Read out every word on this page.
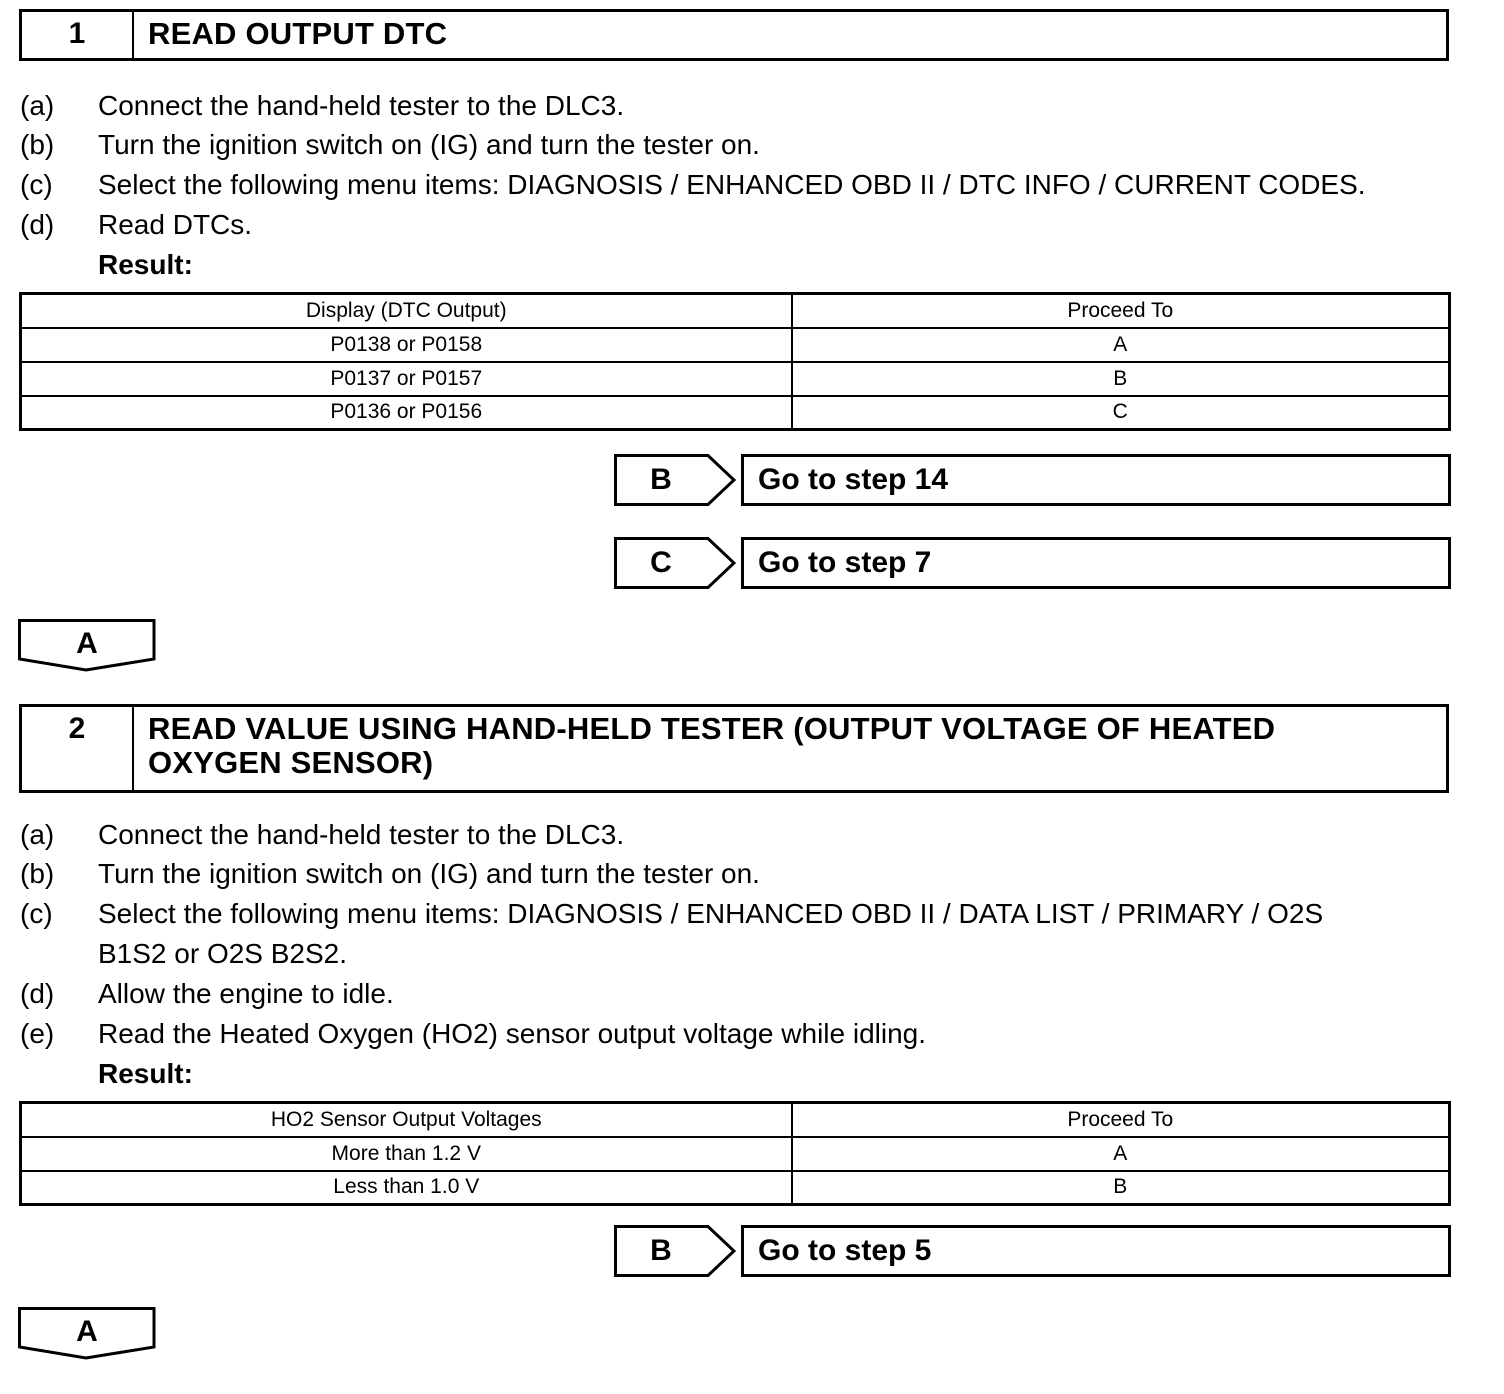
1	READ OUTPUT DTC
(a) Connect the hand-held tester to the DLC3.
(b) Turn the ignition switch on (IG) and turn the tester on.
(c) Select the following menu items: DIAGNOSIS / ENHANCED OBD II / DTC INFO / CURRENT CODES.
(d) Read DTCs.
Result:
Display (DTC Output)	Proceed To
P0138 or P0158	A
P0137 or P0157	B
P0136 or P0156	C
B	Go to step 14
C	Go to step 7
A
2	READ VALUE USING HAND-HELD TESTER (OUTPUT VOLTAGE OF HEATED
OXYGEN SENSOR)
(a) Connect the hand-held tester to the DLC3.
(b) Turn the ignition switch on (IG) and turn the tester on.
(c) Select the following menu items: DIAGNOSIS / ENHANCED OBD II / DATA LIST / PRIMARY / O2S
B1S2 or O2S B2S2.
(d) Allow the engine to idle.
(e) Read the Heated Oxygen (HO2) sensor output voltage while idling.
Result:
HO2 Sensor Output Voltages	Proceed To
More than 1.2 V	A
Less than 1.0 V	B
B	Go to step 5
A
